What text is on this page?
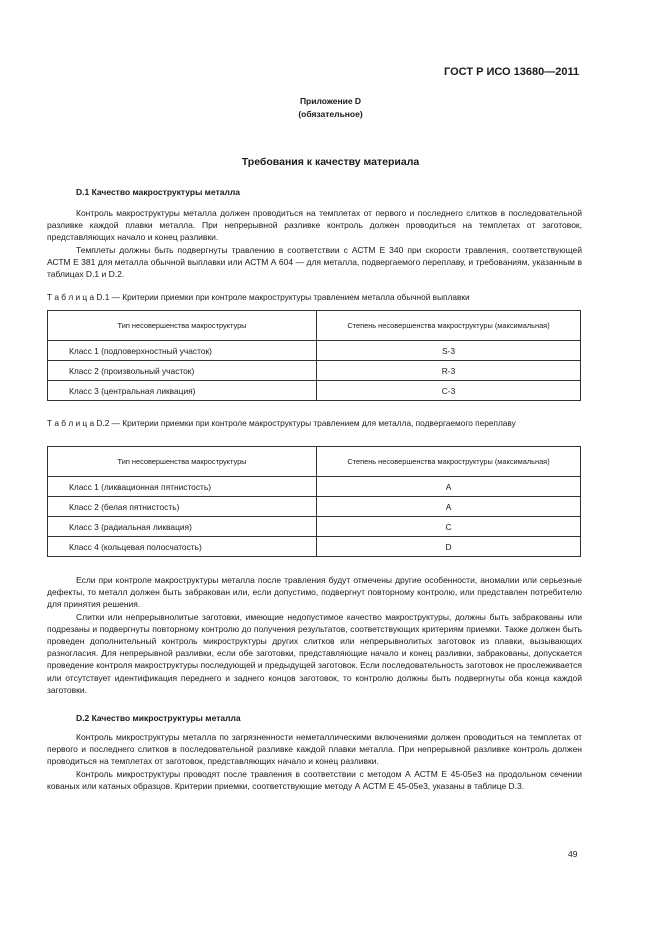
ГОСТ Р ИСО 13680—2011
Приложение D
(обязательное)
Требования к качеству материала
D.1 Качество макроструктуры металла

Контроль макроструктуры металла должен проводиться на темплетах от первого и последнего слитков в последовательной разливке каждой плавки металла. При непрерывной разливке контроль должен проводиться на темплетах от заготовок, представляющих начало и конец разливки.

Темплеты должны быть подвергнуты травлению в соответствии с АСТМ Е 340 при скорости травления, соответствующей АСТМ Е 381 для металла обычной выплавки или АСТМ А 604 — для металла, подвергаемого переплаву, и требованиям, указанным в таблицах D.1 и D.2.

Т а б л и ц а D.1 — Критерии приемки при контроле макроструктуры травлением металла обычной выплавки
Тип несовершенства макроструктуры	Степень несовершенства макроструктуры (максимальная)
Класс 1 (подповерхностный участок)	S-3
Класс 2 (произвольный участок)	R-3
Класс 3 (центральная ликвация)	C-3
Т а б л и ц а D.2 — Критерии приемки при контроле макроструктуры травлением для металла, подвергаемого переплаву
Тип несовершенства макроструктуры	Степень несовершенства макроструктуры (максимальная)
Класс 1 (ликвационная пятнистость)	A
Класс 2 (белая пятнистость)	A
Класс 3 (радиальная ликвация)	C
Класс 4 (кольцевая полосчатость)	D

Если при контроле макроструктуры металла после травления будут отмечены другие особенности, аномалии или серьезные дефекты, то металл должен быть забракован или, если допустимо, подвергнут повторному контролю, или представлен потребителю для принятия решения.

Слитки или непрерывнолитые заготовки, имеющие недопустимое качество макроструктуры, должны быть забракованы или подрезаны и подвергнуты повторному контролю до получения результатов, соответствующих критериям приемки. Также должен быть проведен дополнительный контроль микроструктуры других слитков или непрерывнолитых заготовок из плавки, вызывающих разногласия. Для непрерывной разливки, если обе заготовки, представляющие начало и конец разливки, забракованы, допускается проведение контроля макроструктуры последующей и предыдущей заготовок. Если последовательность заготовок не прослеживается или отсутствует идентификация переднего и заднего концов заготовок, то контролю должны быть подвергнуты оба конца каждой заготовки.

D.2 Качество микроструктуры металла

Контроль микроструктуры металла по загрязненности неметаллическими включениями должен проводиться на темплетах от первого и последнего слитков в последовательной разливке каждой плавки металла. При непрерывной разливке контроль должен проводиться на темплетах от заготовок, представляющих начало и конец разливки.

Контроль микроструктуры проводят после травления в соответствии с методом А АСТМ Е 45-05е3 на продольном сечении кованых или катаных образцов. Критерии приемки, соответствующие методу А АСТМ Е 45-05е3, указаны в таблице D.3.

49
